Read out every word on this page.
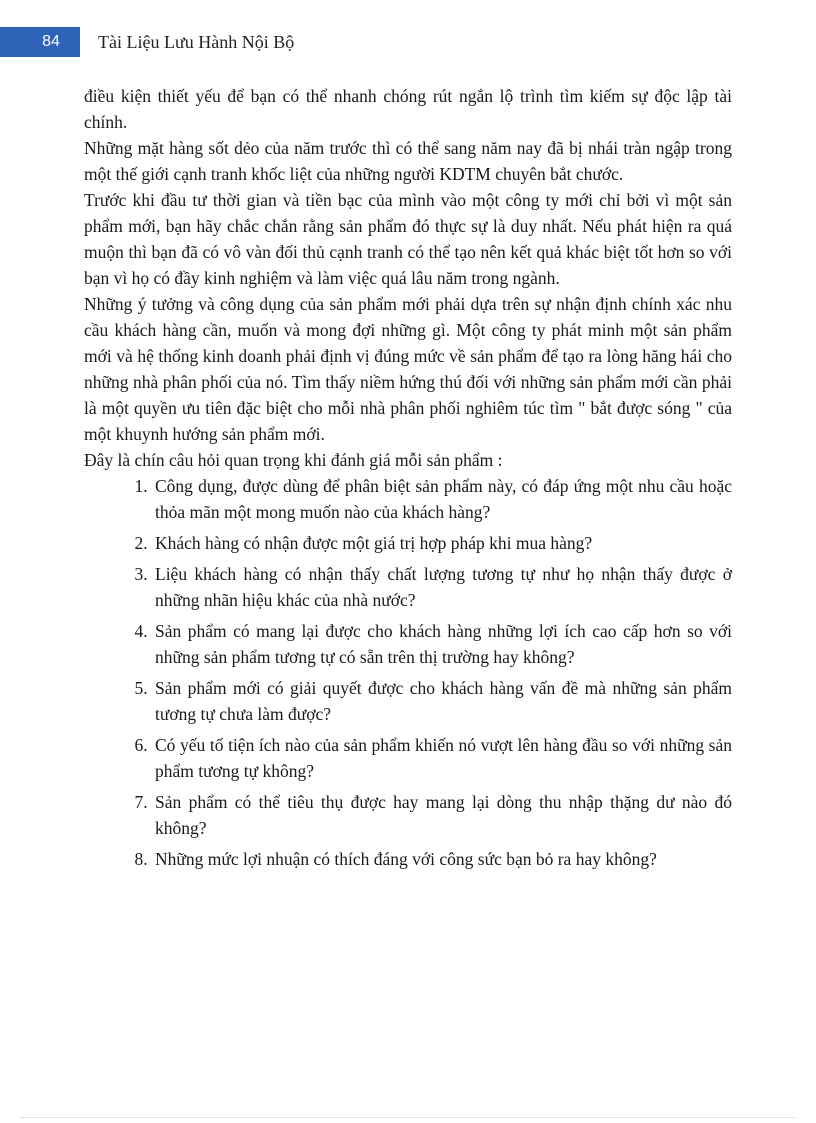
84	Tài Liệu Lưu Hành Nội Bộ

điều kiện thiết yếu để bạn có thể nhanh chóng rút ngắn lộ trình tìm kiếm sự độc lập tài chính.

Những mặt hàng sốt dẻo của năm trước thì có thể sang năm nay đã bị nhái tràn ngập trong một thế giới cạnh tranh khốc liệt của những người KDTM chuyên bắt chước.

Trước khi đầu tư thời gian và tiền bạc của mình vào một công ty mới chỉ bởi vì một sản phẩm mới, bạn hãy chắc chắn rằng sản phẩm đó thực sự là duy nhất. Nếu phát hiện ra quá muộn thì bạn đã có vô vàn đối thủ cạnh tranh có thể tạo nên kết quả khác biệt tốt hơn so với bạn vì họ có đầy kinh nghiệm và làm việc quá lâu năm trong ngành.

Những ý tưởng và công dụng của sản phẩm mới phải dựa trên sự nhận định chính xác nhu cầu khách hàng cần, muốn và mong đợi những gì. Một công ty phát minh một sản phẩm mới và hệ thống kinh doanh phải định vị đúng mức về sản phẩm để tạo ra lòng hăng hái cho những nhà phân phối của nó. Tìm thấy niềm hứng thú đối với những sản phẩm mới cần phải là một quyền ưu tiên đặc biệt cho mỗi nhà phân phối nghiêm túc tìm " bắt được sóng " của một khuynh hướng sản phẩm mới.

Đây là chín câu hỏi quan trọng khi đánh giá mỗi sản phẩm :

1. Công dụng, được dùng để phân biệt sản phẩm này, có đáp ứng một nhu cầu hoặc thỏa mãn một mong muốn nào của khách hàng?
2. Khách hàng có nhận được một giá trị hợp pháp khi mua hàng?
3. Liệu khách hàng có nhận thấy chất lượng tương tự như họ nhận thấy được ở những nhãn hiệu khác của nhà nước?
4. Sản phẩm có mang lại được cho khách hàng những lợi ích cao cấp hơn so với những sản phẩm tương tự có sẵn trên thị trường hay không?
5. Sản phẩm mới có giải quyết được cho khách hàng vấn đề mà những sản phẩm tương tự chưa làm được?
6. Có yếu tố tiện ích nào của sản phẩm khiến nó vượt lên hàng đầu so với những sản phẩm tương tự không?
7. Sản phẩm có thể tiêu thụ được hay mang lại dòng thu nhập thặng dư nào đó không?
8. Những mức lợi nhuận có thích đáng với công sức bạn bỏ ra hay không?
